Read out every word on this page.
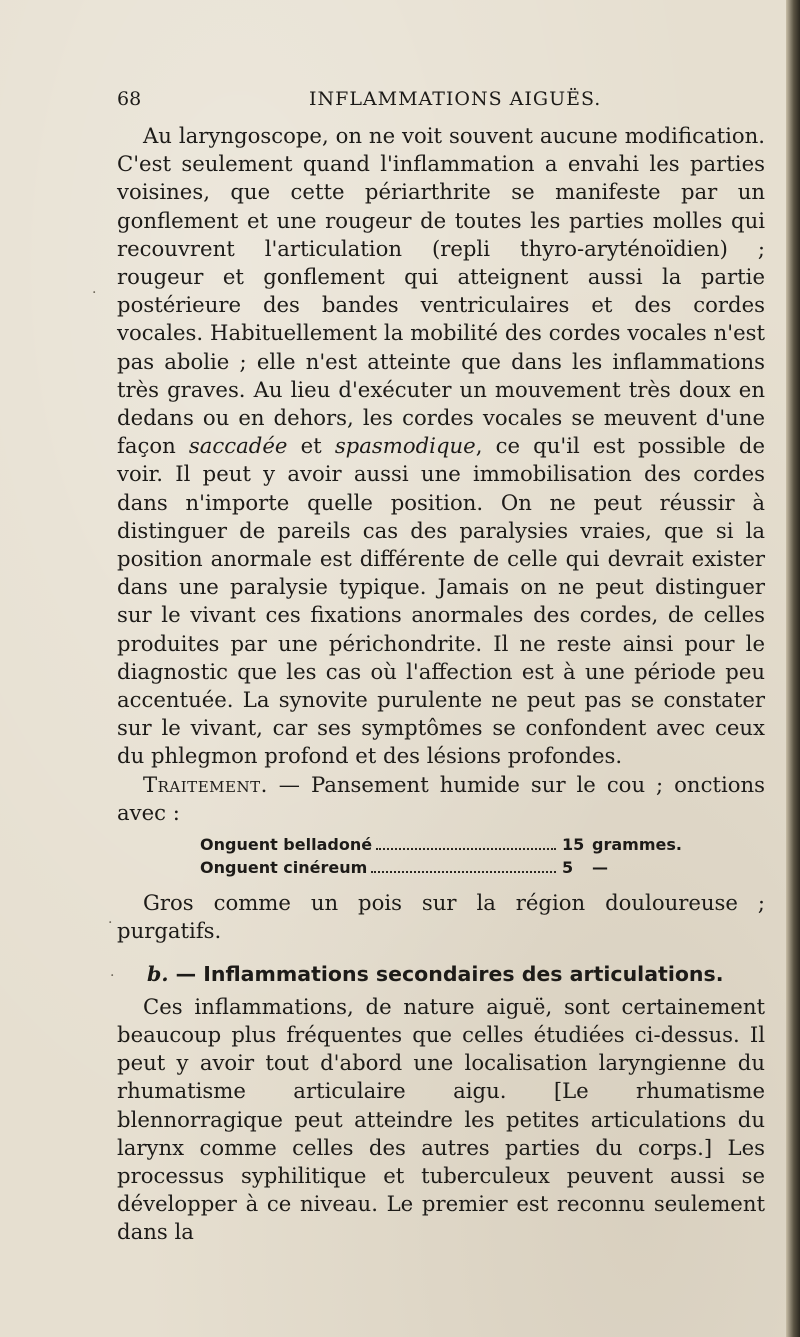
68	INFLAMMATIONS AIGUËS.

Au laryngoscope, on ne voit souvent aucune modification. C'est seulement quand l'inflammation a envahi les parties voisines, que cette périarthrite se manifeste par un gonflement et une rougeur de toutes les parties molles qui recouvrent l'articulation (repli thyro-aryténoïdien) ; rougeur et gonflement qui atteignent aussi la partie postérieure des bandes ventriculaires et des cordes vocales. Habituellement la mobilité des cordes vocales n'est pas abolie ; elle n'est atteinte que dans les inflammations très graves. Au lieu d'exécuter un mouvement très doux en dedans ou en dehors, les cordes vocales se meuvent d'une façon saccadée et spasmodique, ce qu'il est possible de voir. Il peut y avoir aussi une immobilisation des cordes dans n'importe quelle position. On ne peut réussir à distinguer de pareils cas des paralysies vraies, que si la position anormale est différente de celle qui devrait exister dans une paralysie typique. Jamais on ne peut distinguer sur le vivant ces fixations anormales des cordes, de celles produites par une périchondrite. Il ne reste ainsi pour le diagnostic que les cas où l'affection est à une période peu accentuée. La synovite purulente ne peut pas se constater sur le vivant, car ses symptômes se confondent avec ceux du phlegmon profond et des lésions profondes.

Traitement. — Pansement humide sur le cou ; onctions avec :

Onguent belladoné	15 grammes.
Onguent cinéreum	5	—

Gros comme un pois sur la région douloureuse ; purgatifs.

b. — Inflammations secondaires des articulations.

Ces inflammations, de nature aiguë, sont certainement beaucoup plus fréquentes que celles étudiées ci-dessus. Il peut y avoir tout d'abord une localisation laryngienne du rhumatisme articulaire aigu. [Le rhumatisme blennorragique peut atteindre les petites articulations du larynx comme celles des autres parties du corps.] Les processus syphilitique et tuberculeux peuvent aussi se développer à ce niveau. Le premier est reconnu seulement dans la

·
·
·
